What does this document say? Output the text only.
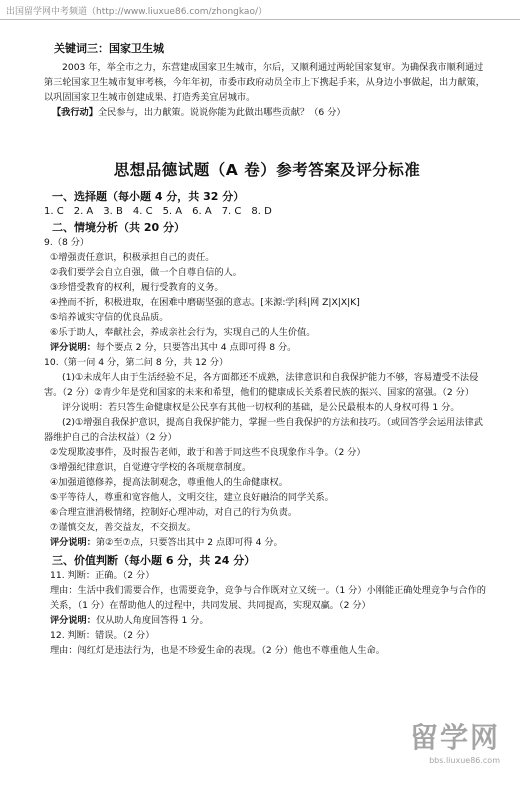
出国留学网中考频道（http://www.liuxue86.com/zhongkao/）

关键词三：国家卫生城

2003 年，举全市之力，东营建成国家卫生城市，尔后，又顺利通过两轮国家复审。为确保我市顺利通过第三轮国家卫生城市复审考核，今年年初，市委市政府动员全市上下携起手来，从身边小事做起，出力献策，以巩固国家卫生城市创建成果、打造秀美宜居城市。

【我行动】全民参与，出力献策。说说你能为此做出哪些贡献？（6 分）

思想品德试题（A 卷）参考答案及评分标准
一、选择题（每小题 4 分，共 32 分）
1. C 2. A 3. B 4. C 5. A 6. A 7. C 8. D
二、情境分析（共 20 分）

9.（8 分）

①增强责任意识，积极承担自己的责任。

②我们要学会自立自强，做一个自尊自信的人。

③珍惜受教育的权利，履行受教育的义务。

④挫而不折，积极进取，在困难中磨砺坚强的意志。[来源:学|科|网 Z|X|X|K]

⑤培养诚实守信的优良品质。

⑥乐于助人，奉献社会，养成亲社会行为，实现自己的人生价值。

评分说明：每个要点 2 分，只要答出其中 4 点即可得 8 分。

10.（第一问 4 分，第二问 8 分，共 12 分）

(1)①未成年人由于生活经验不足，各方面都还不成熟，法律意识和自我保护能力不够，容易遭受不法侵害。（2 分）②青少年是党和国家的未来和希望，他们的健康成长关系着民族的振兴、国家的富强。（2 分）

评分说明：若只答生命健康权是公民享有其他一切权利的基础，是公民最根本的人身权可得 1 分。

(2)①增强自我保护意识，提高自我保护能力，掌握一些自我保护的方法和技巧。（或回答学会运用法律武器维护自己的合法权益）（2 分）

②发现欺凌事件，及时报告老师，敢于和善于同这些不良现象作斗争。（2 分）

③增强纪律意识，自觉遵守学校的各项规章制度。

④加强道德修养，提高法制观念，尊重他人的生命健康权。

⑤平等待人，尊重和宽容他人，文明交往，建立良好融洽的同学关系。

⑥合理宣泄消极情绪，控制好心理冲动，对自己的行为负责。

⑦谨慎交友，善交益友，不交损友。

评分说明：第②至⑦点，只要答出其中 2 点即可得 4 分。

三、价值判断（每小题 6 分，共 24 分）

11. 判断：正确。（2 分）

理由：生活中我们需要合作，也需要竞争，竞争与合作既对立又统一。（1 分）小刚能正确处理竞争与合作的关系，（1 分）在帮助他人的过程中，共同发展、共同提高，实现双赢。（2 分）

评分说明：仅从助人角度回答得 1 分。

12. 判断：错误。（2 分）

理由：闯红灯是违法行为，也是不珍爱生命的表现。（2 分）他也不尊重他人生命。

留学网
bbs.liuxue86.com
